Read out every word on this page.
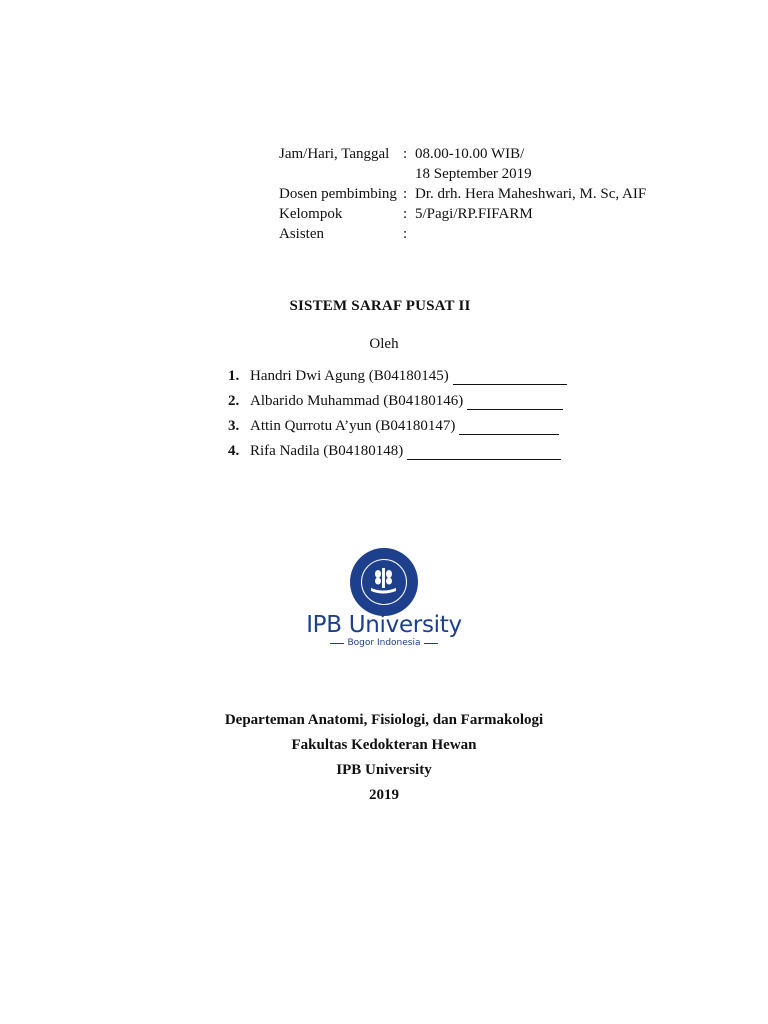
Jam/Hari, Tanggal : 08.00-10.00 WIB/
18 September 2019
Dosen pembimbing : Dr. drh. Hera Maheshwari, M. Sc, AIF
Kelompok	: 5/Pagi/RP.FIFARM
Asisten	:
SISTEM SARAF PUSAT II
Oleh
1. Handri Dwi Agung (B04180145)
2. Albarido Muhammad (B04180146)
3. Attin Qurrotu A’yun (B04180147)
4. Rifa Nadila (B04180148)
IPB University
Bogor Indonesia
Departeman Anatomi, Fisiologi, dan Farmakologi
Fakultas Kedokteran Hewan
IPB University
2019
